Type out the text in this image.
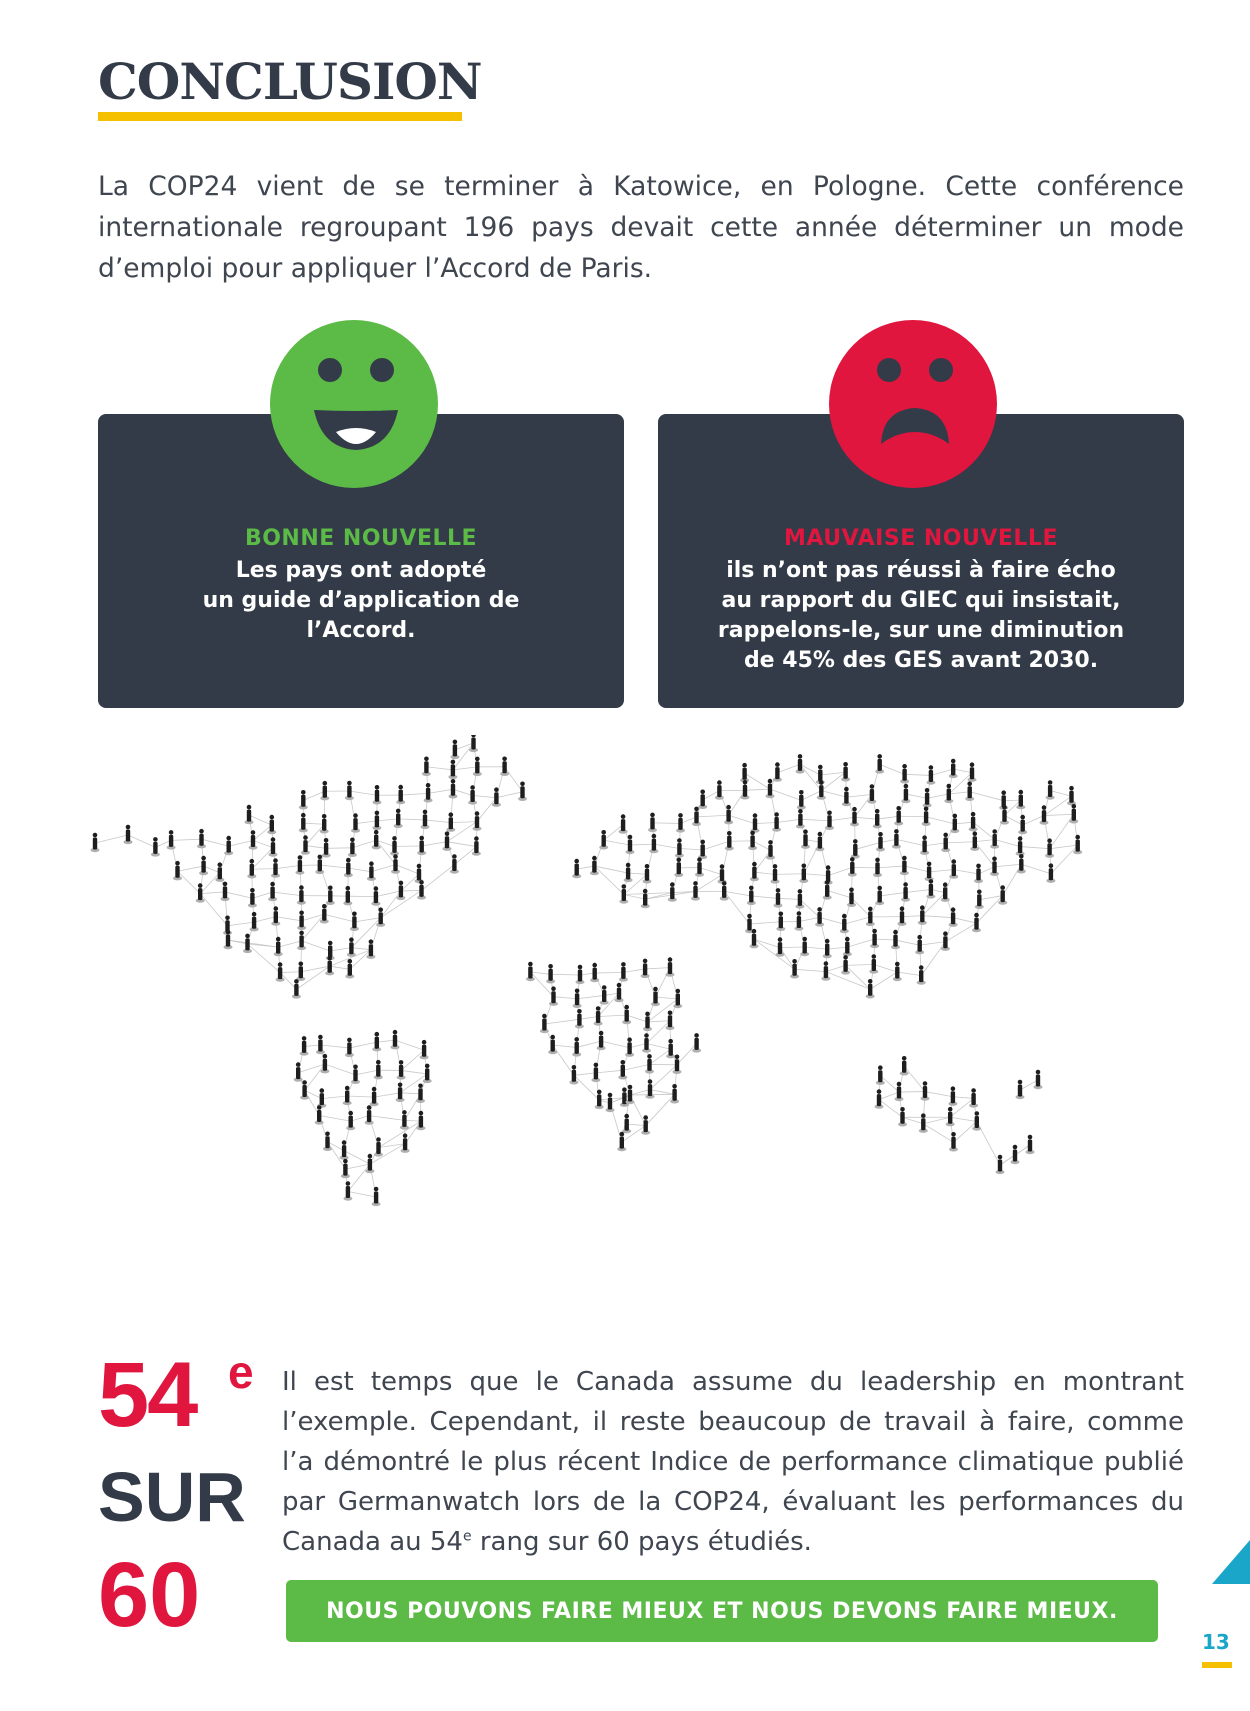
CONCLUSION

La COP24 vient de se terminer à Katowice, en Pologne. Cette conférence internationale regroupant 196 pays devait cette année déterminer un mode d’emploi pour appliquer l’Accord de Paris.

BONNE NOUVELLE
Les pays ont adopté
un guide d’application de
l’Accord.
MAUVAISE NOUVELLE
ils n’ont pas réussi à faire écho
au rapport du GIEC qui insistait,
rappelons-le, sur une diminution
de 45% des GES avant 2030.
54 e
SUR
60

Il est temps que le Canada assume du leadership en montrant l’exemple. Cependant, il reste beaucoup de travail à faire, comme l’a démontré le plus récent Indice de performance climatique publié par Germanwatch lors de la COP24, évaluant les performances du Canada au 54e rang sur 60 pays étudiés.

NOUS POUVONS FAIRE MIEUX ET NOUS DEVONS FAIRE MIEUX.
13
